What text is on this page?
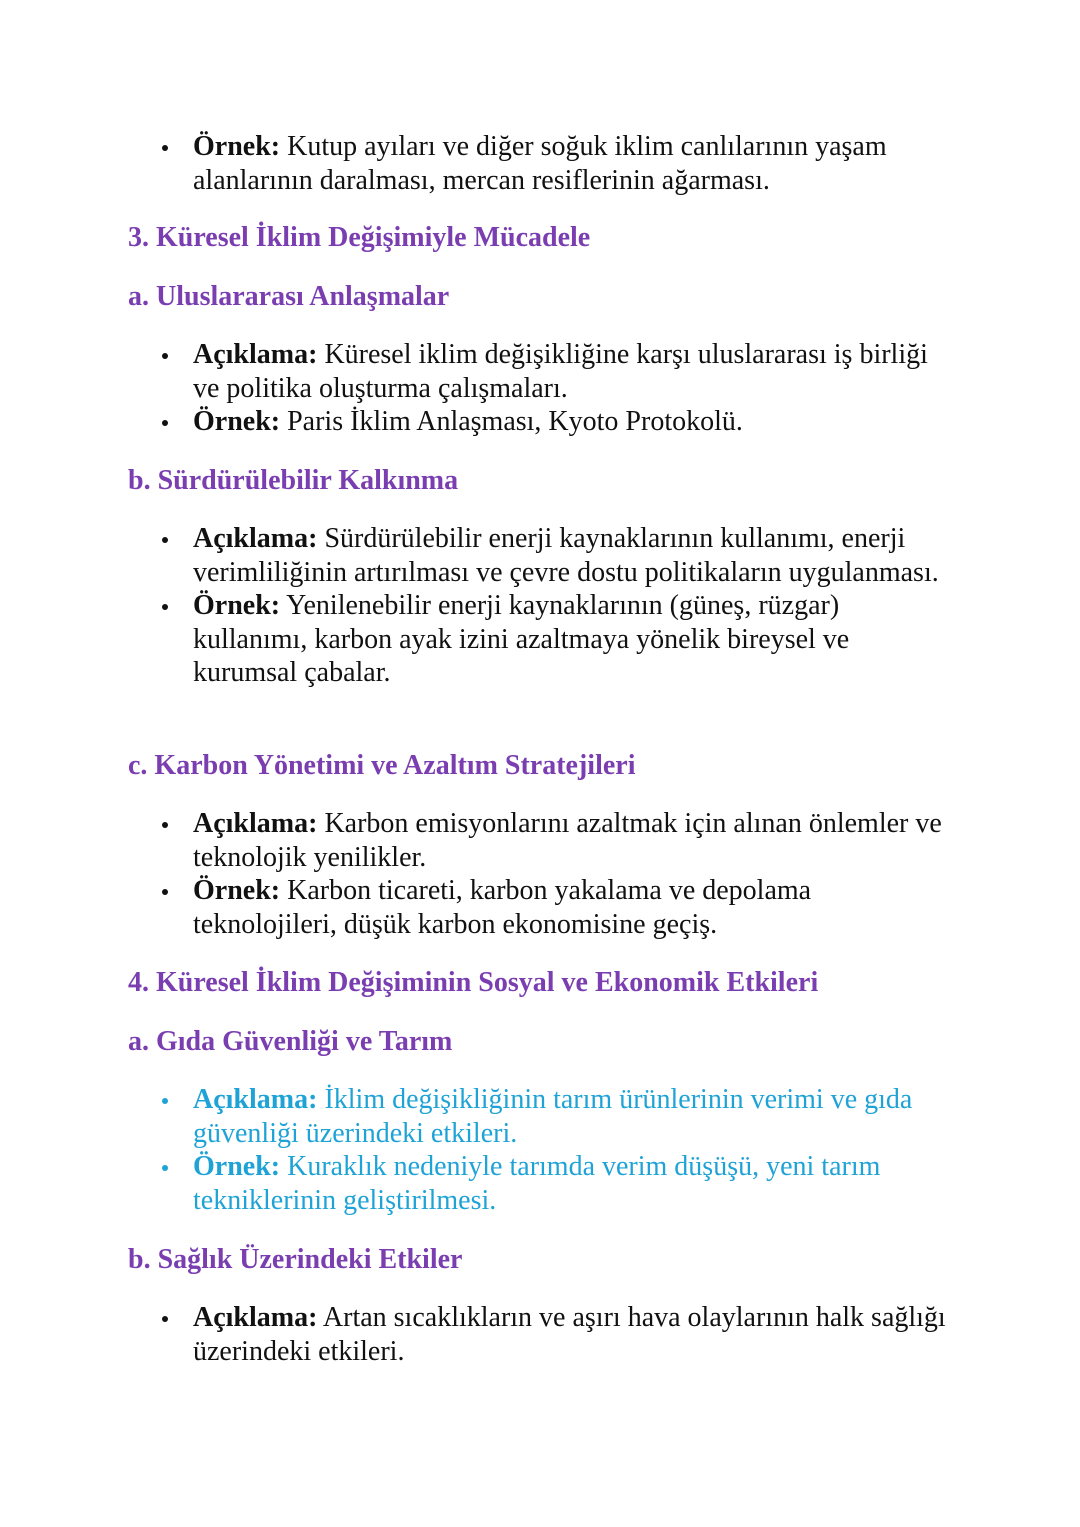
Örnek: Kutup ayıları ve diğer soğuk iklim canlılarının yaşam alanlarının daralması, mercan resiflerinin ağarması.
3. Küresel İklim Değişimiyle Mücadele
a. Uluslararası Anlaşmalar
Açıklama: Küresel iklim değişikliğine karşı uluslararası iş birliği ve politika oluşturma çalışmaları.
Örnek: Paris İklim Anlaşması, Kyoto Protokolü.
b. Sürdürülebilir Kalkınma
Açıklama: Sürdürülebilir enerji kaynaklarının kullanımı, enerji verimliliğinin artırılması ve çevre dostu politikaların uygulanması.
Örnek: Yenilenebilir enerji kaynaklarının (güneş, rüzgar) kullanımı, karbon ayak izini azaltmaya yönelik bireysel ve kurumsal çabalar.
c. Karbon Yönetimi ve Azaltım Stratejileri
Açıklama: Karbon emisyonlarını azaltmak için alınan önlemler ve teknolojik yenilikler.
Örnek: Karbon ticareti, karbon yakalama ve depolama teknolojileri, düşük karbon ekonomisine geçiş.
4. Küresel İklim Değişiminin Sosyal ve Ekonomik Etkileri
a. Gıda Güvenliği ve Tarım
Açıklama: İklim değişikliğinin tarım ürünlerinin verimi ve gıda güvenliği üzerindeki etkileri.
Örnek: Kuraklık nedeniyle tarımda verim düşüşü, yeni tarım tekniklerinin geliştirilmesi.
b. Sağlık Üzerindeki Etkiler
Açıklama: Artan sıcaklıkların ve aşırı hava olaylarının halk sağlığı üzerindeki etkileri.
